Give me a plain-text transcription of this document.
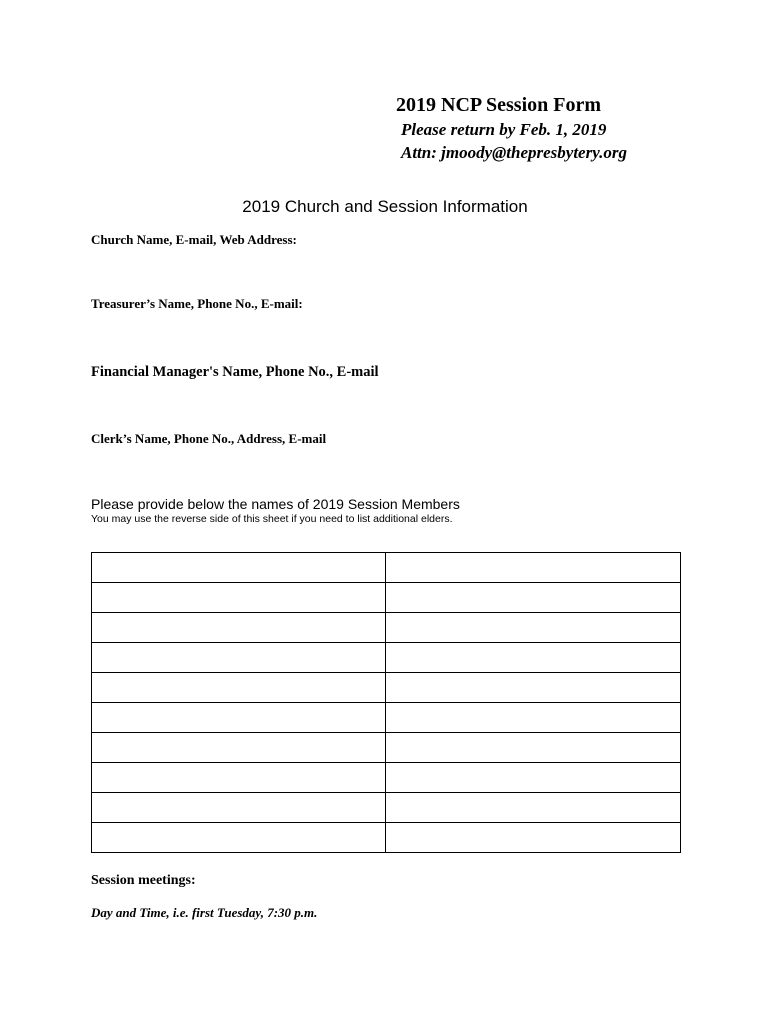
2019 NCP Session Form

Please return by Feb. 1, 2019

Attn: jmoody@thepresbytery.org

2019 Church and Session Information

Church Name, E-mail, Web Address:

Treasurer’s Name, Phone No., E-mail:

Financial Manager's Name, Phone No., E-mail

Clerk’s Name, Phone No., Address, E-mail

Please provide below the names of 2019 Session Members

You may use the reverse side of this sheet if you need to list additional elders.

Session meetings:

Day and Time, i.e. first Tuesday, 7:30 p.m.
